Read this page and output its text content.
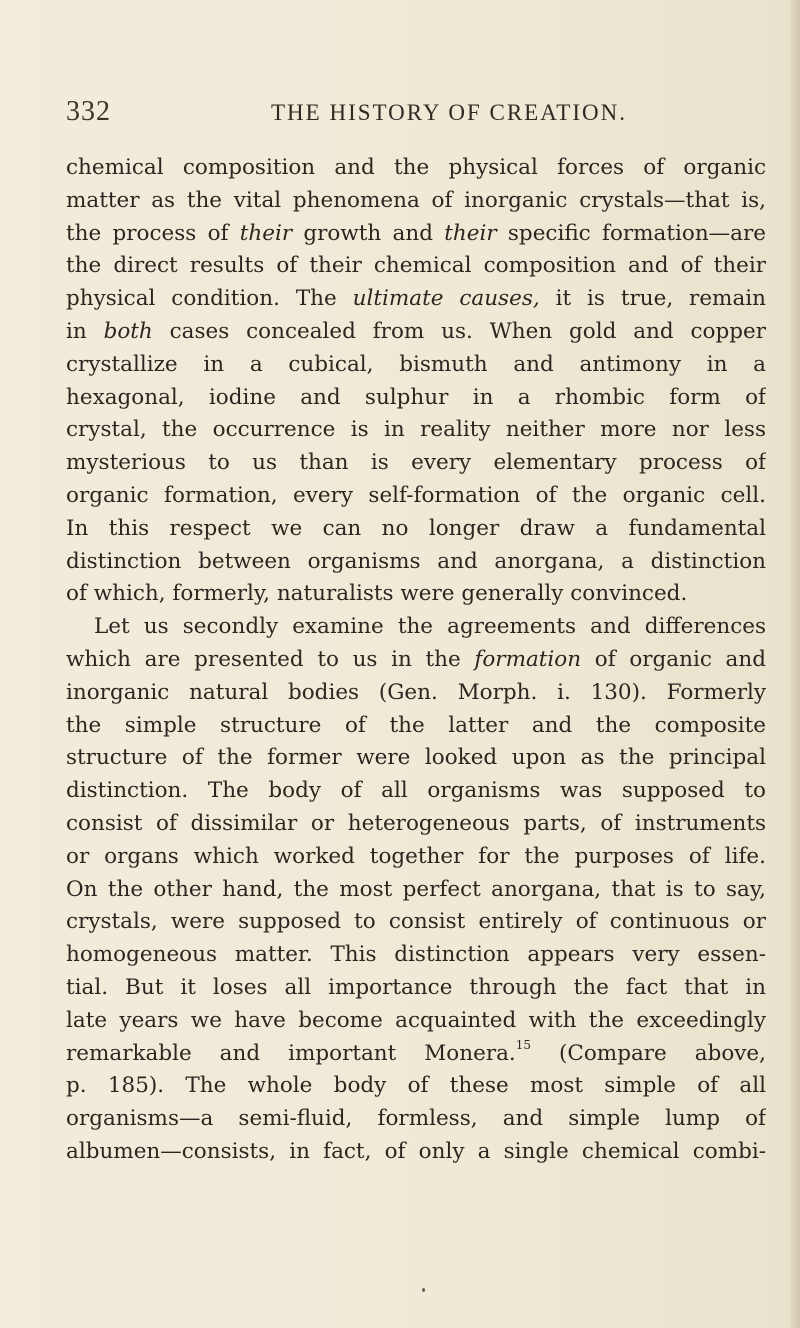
332	THE HISTORY OF CREATION.
chemical composition and the physical forces of organic
matter as the vital phenomena of inorganic crystals—that is,
the process of their growth and their specific formation—are
the direct results of their chemical composition and of their
physical condition. The ultimate causes, it is true, remain
in both cases concealed from us. When gold and copper
crystallize in a cubical, bismuth and antimony in a
hexagonal, iodine and sulphur in a rhombic form of
crystal, the occurrence is in reality neither more nor less
mysterious to us than is every elementary process of
organic formation, every self-formation of the organic cell.
In this respect we can no longer draw a fundamental
distinction between organisms and anorgana, a distinction
of which, formerly, naturalists were generally convinced.
Let us secondly examine the agreements and differences
which are presented to us in the formation of organic and
inorganic natural bodies (Gen. Morph. i. 130). Formerly
the simple structure of the latter and the composite
structure of the former were looked upon as the principal
distinction. The body of all organisms was supposed to
consist of dissimilar or heterogeneous parts, of instruments
or organs which worked together for the purposes of life.
On the other hand, the most perfect anorgana, that is to say,
crystals, were supposed to consist entirely of continuous or
homogeneous matter. This distinction appears very essen-
tial. But it loses all importance through the fact that in
late years we have become acquainted with the exceedingly
remarkable and important Monera.$^{15}$ (Compare above,
p. 185). The whole body of these most simple of all
organisms—a semi-fluid, formless, and simple lump of
albumen—consists, in fact, of only a single chemical combi-
